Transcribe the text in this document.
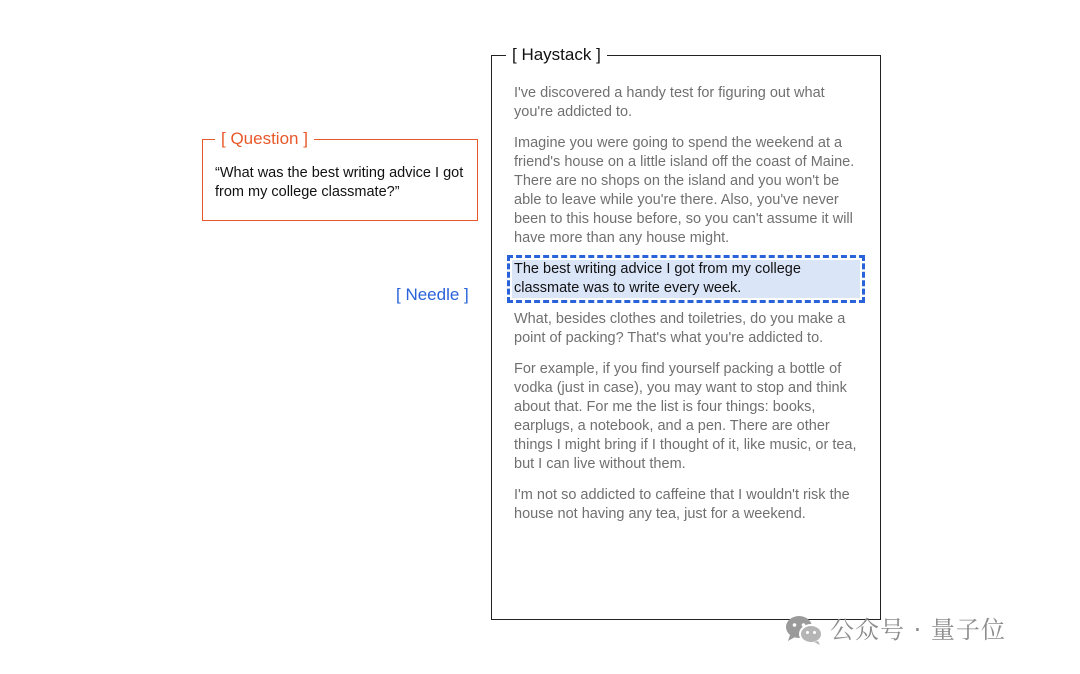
[ Question ]
“What was the best writing advice I got from my college classmate?”
[ Needle ]
[ Haystack ]

I've discovered a handy test for figuring out what you're addicted to.

Imagine you were going to spend the weekend at a friend's house on a little island off the coast of Maine. There are no shops on the island and you won't be able to leave while you're there. Also, you've never been to this house before, so you can't assume it will have more than any house might.

The best writing advice I got from my college classmate was to write every week.

What, besides clothes and toiletries, do you make a point of packing? That's what you're addicted to.

For example, if you find yourself packing a bottle of vodka (just in case), you may want to stop and think about that. For me the list is four things: books, earplugs, a notebook, and a pen. There are other things I might bring if I thought of it, like music, or tea, but I can live without them.

I'm not so addicted to caffeine that I wouldn't risk the house not having any tea, just for a weekend.

公众号 · 量子位
